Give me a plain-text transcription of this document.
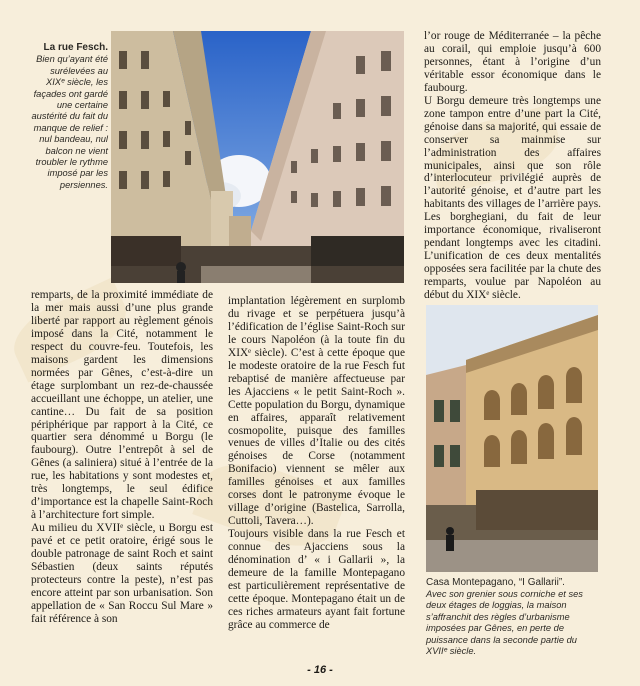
La rue Fesch.
Bien qu’ayant été surélevées au XIXᵉ siècle, les façades ont gardé une certaine austérité du fait du manque de relief : nul bandeau, nul balcon ne vient troubler le rythme imposé par les persiennes.

remparts, de la proximité immédiate de la mer mais aussi d’une plus grande liberté par rapport au règlement génois imposé dans la Cité, notamment le respect du couvre-feu. Toutefois, les maisons gardent les dimensions normées par Gênes, c’est-à-dire un étage surplombant un rez-de-chaussée accueillant une échoppe, un atelier, une cantine… Du fait de sa position périphérique par rapport à la Cité, ce quartier sera dénommé u Borgu (le faubourg). Outre l’entrepôt à sel de Gênes (a saliniera) situé à l’entrée de la rue, les habitations y sont modestes et, très longtemps, le seul édifice d’importance est la chapelle Saint-Roch à l’architecture fort simple.

Au milieu du XVIIᵉ siècle, u Borgu est pavé et ce petit oratoire, érigé sous le double patronage de saint Roch et saint Sébastien (deux saints réputés protecteurs contre la peste), n’est pas encore atteint par son urbanisation. Son appellation de « San Roccu Sul Mare » fait référence à son

implantation légèrement en surplomb du rivage et se perpétuera jusqu’à l’édification de l’église Saint-Roch sur le cours Napoléon (à la toute fin du XIXᵉ siècle). C’est à cette époque que le modeste oratoire de la rue Fesch fut rebaptisé de manière affectueuse par les Ajacciens « le petit Saint-Roch ». Cette population du Borgu, dynamique en affaires, apparaît relativement cosmopolite, puisque des familles venues de villes d’Italie ou des cités génoises de Corse (notamment Bonifacio) viennent se mêler aux familles génoises et aux familles corses dont le patronyme évoque le village d’origine (Bastelica, Sarrolla, Cuttoli, Tavera…).

Toujours visible dans la rue Fesch et connue des Ajacciens sous la dénomination d’ « i Gallarii », la demeure de la famille Montepagano est particulièrement représentative de cette époque. Montepagano était un de ces riches armateurs ayant fait fortune grâce au commerce de

l’or rouge de Méditerranée – la pêche au corail, qui emploie jusqu’à 600 personnes, étant à l’origine d’un véritable essor économique dans le faubourg.

U Borgu demeure très longtemps une zone tampon entre d’une part la Cité, génoise dans sa majorité, qui essaie de conserver sa mainmise sur l’administration des affaires municipales, ainsi que son rôle d’interlocuteur privilégié auprès de l’autorité génoise, et d’autre part les habitants des villages de l’arrière pays. Les borghegiani, du fait de leur importance économique, rivaliseront pendant longtemps avec les citadini. L’unification de ces deux mentalités opposées sera facilitée par la chute des remparts, voulue par Napoléon au début du XIXᵉ siècle.

Casa Montepagano, “I Gallarii”.
Avec son grenier sous corniche et ses deux étages de loggias, la maison s’affranchit des règles d’urbanisme imposées par Gênes, en perte de puissance dans la seconde partie du XVIIᵉ siècle.
- 16 -
